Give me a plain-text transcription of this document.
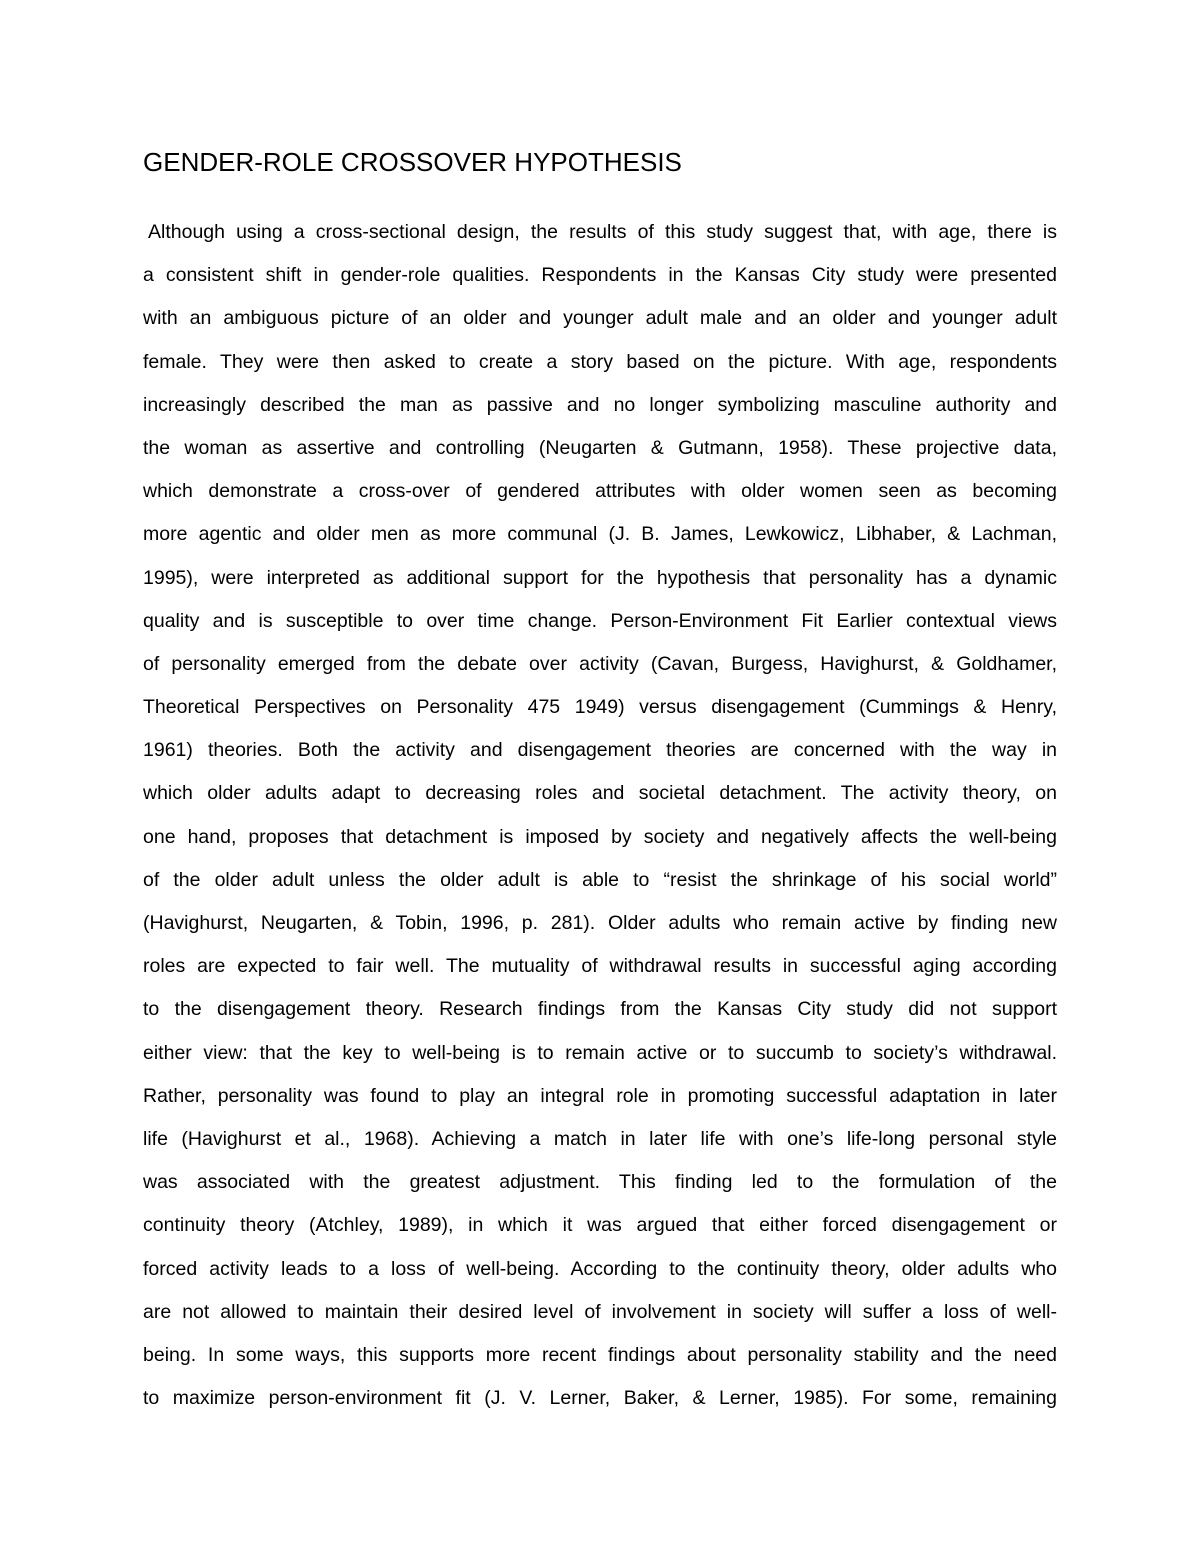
GENDER-ROLE CROSSOVER HYPOTHESIS
Although using a cross-sectional design, the results of this study suggest that, with age, there is
a consistent shift in gender-role qualities. Respondents in the Kansas City study were presented
with an ambiguous picture of an older and younger adult male and an older and younger adult
female. They were then asked to create a story based on the picture. With age, respondents
increasingly described the man as passive and no longer symbolizing masculine authority and
the woman as assertive and controlling (Neugarten & Gutmann, 1958). These projective data,
which demonstrate a cross-over of gendered attributes with older women seen as becoming
more agentic and older men as more communal (J. B. James, Lewkowicz, Libhaber, & Lachman,
1995), were interpreted as additional support for the hypothesis that personality has a dynamic
quality and is susceptible to over time change. Person-Environment Fit Earlier contextual views
of personality emerged from the debate over activity (Cavan, Burgess, Havighurst, & Goldhamer,
Theoretical Perspectives on Personality 475 1949) versus disengagement (Cummings & Henry,
1961) theories. Both the activity and disengagement theories are concerned with the way in
which older adults adapt to decreasing roles and societal detachment. The activity theory, on
one hand, proposes that detachment is imposed by society and negatively affects the well-being
of the older adult unless the older adult is able to “resist the shrinkage of his social world”
(Havighurst, Neugarten, & Tobin, 1996, p. 281). Older adults who remain active by finding new
roles are expected to fair well. The mutuality of withdrawal results in successful aging according
to the disengagement theory. Research findings from the Kansas City study did not support
either view: that the key to well-being is to remain active or to succumb to society’s withdrawal.
Rather, personality was found to play an integral role in promoting successful adaptation in later
life (Havighurst et al., 1968). Achieving a match in later life with one’s life-long personal style
was associated with the greatest adjustment. This finding led to the formulation of the
continuity theory (Atchley, 1989), in which it was argued that either forced disengagement or
forced activity leads to a loss of well-being. According to the continuity theory, older adults who
are not allowed to maintain their desired level of involvement in society will suffer a loss of well-
being. In some ways, this supports more recent findings about personality stability and the need
to maximize person-environment fit (J. V. Lerner, Baker, & Lerner, 1985). For some, remaining
